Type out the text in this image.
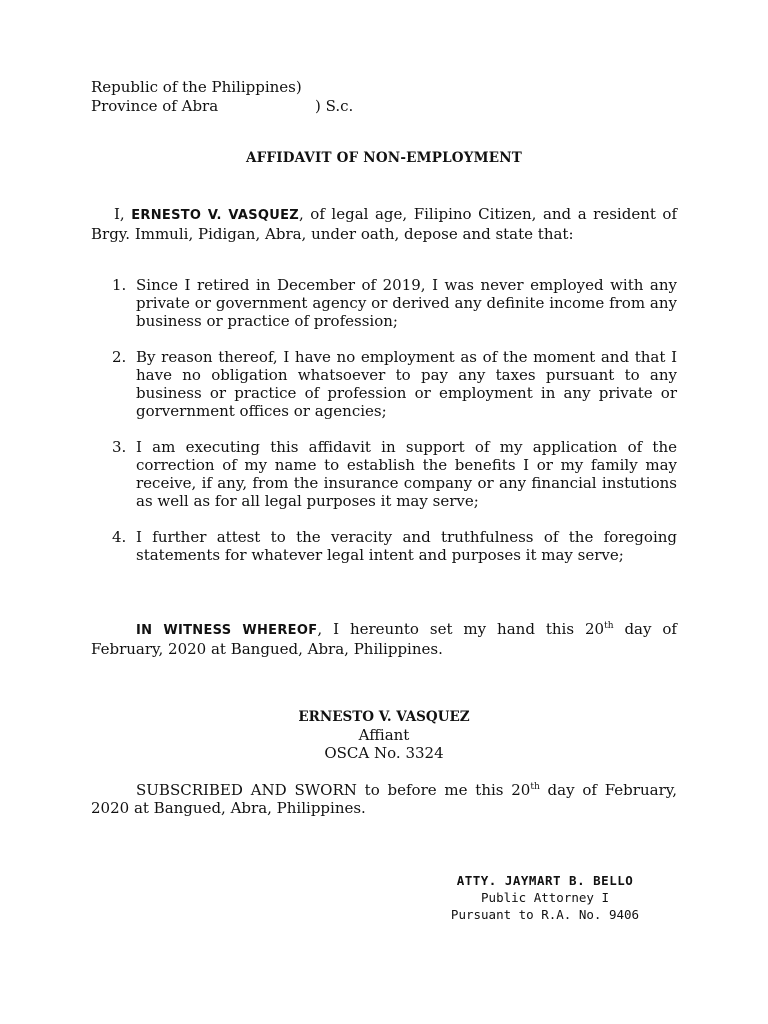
Republic of the Philippines)
Province of Abra	) S.c.
AFFIDAVIT OF NON-EMPLOYMENT

I, ERNESTO V. VASQUEZ, of legal age, Filipino Citizen, and a resident of Brgy. Immuli, Pidigan, Abra, under oath, depose and state that:

1. Since I retired in December of 2019, I was never employed with any private or government agency or derived any definite income from any business or practice of profession;
2. By reason thereof, I have no employment as of the moment and that I have no obligation whatsoever to pay any taxes pursuant to any business or practice of profession or employment in any private or gorvernment offices or agencies;
3. I am executing this affidavit in support of my application of the correction of my name to establish the benefits I or my family may receive, if any, from the insurance company or any financial instutions as well as for all legal purposes it may serve;
4. I further attest to the veracity and truthfulness of the foregoing statements for whatever legal intent and purposes it may serve;

IN WITNESS WHEREOF, I hereunto set my hand this 20th day of February, 2020 at Bangued, Abra, Philippines.

ERNESTO V. VASQUEZ
Affiant
OSCA No. 3324

SUBSCRIBED AND SWORN to before me this 20th day of February, 2020 at Bangued, Abra, Philippines.

ATTY. JAYMART B. BELLO
Public Attorney I
Pursuant to R.A. No. 9406
